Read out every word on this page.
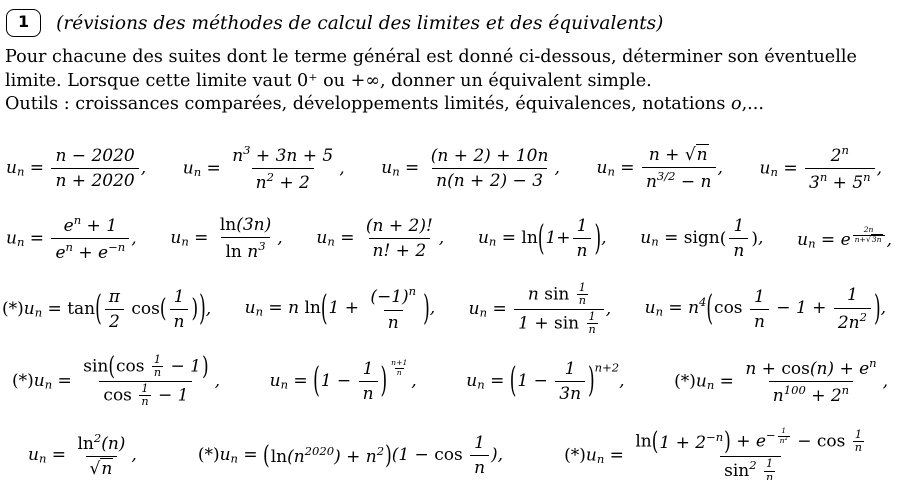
1	(révisions des méthodes de calcul des limites et des équivalents)
Pour chacune des suites dont le terme général est donné ci-dessous, déterminer son éventuelle
limite. Lorsque cette limite vaut 0⁺ ou +∞, donner un équivalent simple.
Outils : croissances comparées, développements limités, équivalences, notations o,...
$u_n = \frac{n - 2020}{n + 2020}$ , $u_n = \frac{n^3 + 3n + 5}{n^2 + 2}$ , $u_n = \frac{(n + 2) + 10n}{n(n + 2) - 3}$ , $u_n = \frac{n + √n}{n^{3/2} - n}$ , $u_n = \frac{2^n}{3^n + 5^n}$ ,
$u_n = \frac{e^n + 1}{e^n + e^{-n}}$ , $u_n = \frac{\ln(3n)}{\ln n^3}$ , $u_n = \frac{(n + 2)!}{n! + 2}$ , $u_n = \ln$ ( $1+ \frac{1}{n}$ ) , $u_n$ = sign ( $\frac{1}{n}$ ) , $u_n = e$ $^{\frac{2n}{n+√3n}}$ ,
$(*)u_n = \tan$ ( $\frac{\pi}{2}$ cos ( $\frac{1}{n}$ ) ) , $u_n = n$ ln ( $1 + \frac{(-1)^n}{n}$ ) , $u_n = \frac{n \sin \frac{1}{n}}{1 + \sin \frac{1}{n}}$ , $u_n = n^4$ ( $\cos \frac{1}{n} - 1 + \frac{1}{2n^2}$ ) ,
$(*)u_n = \frac{\sin ( \cos \frac{1}{n} - 1 )}{\cos \frac{1}{n} - 1}$ ,	$u_n$ = ( $1 - \frac{1}{n}$ ) $^{\frac{n+1}{n}}$
,	$u_n$ = ( $1 - \frac{1}{3n}$ ) $^{n+2}$,	$(*)u_n = \frac{n + \cos(n) + e^n}{n^{100} + 2^n}$ ,
$u_n = \frac{\ln^2(n)}{√n}$ ,	$(*)u_n$ = ( $\ln(n^{2020}) + n^2$ ) ($1 - \cos \frac{1}{n}$ ),	$(*)u_n = \ln$ ( $1 + 2^{-n}$ ) + $e^{- \frac{1}{n^2}} - \cos \frac{1}{n}$
$\sin^2 \frac{1}{n}$
